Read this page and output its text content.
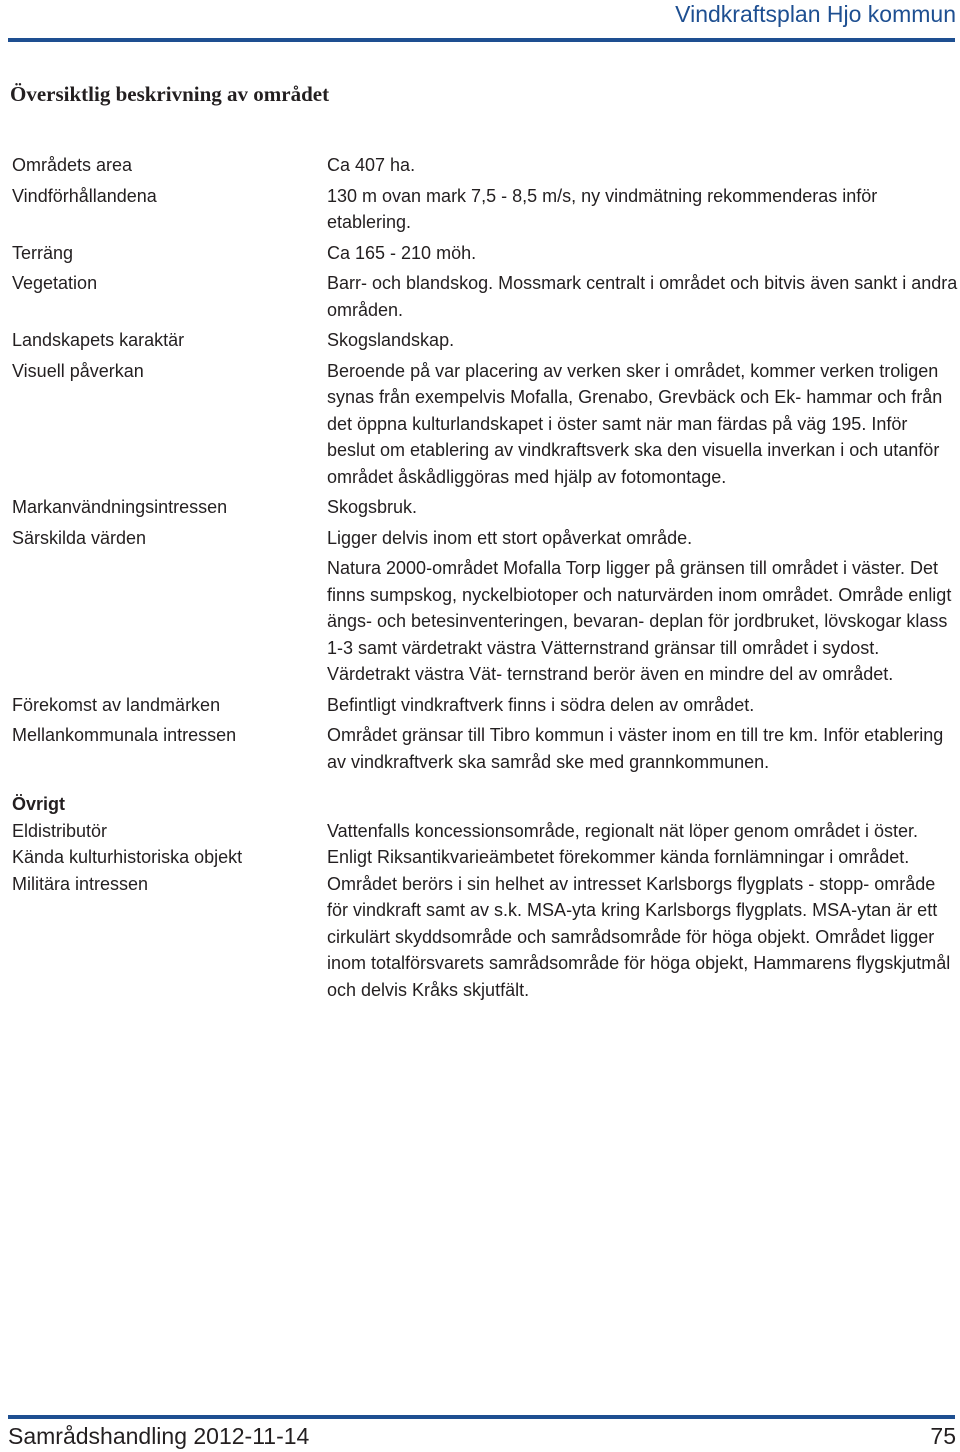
Vindkraftsplan Hjo kommun
Översiktlig beskrivning av området
Områdets area	Ca 407 ha.

Vindförhållandena	130 m ovan mark 7,5 - 8,5 m/s, ny vindmätning rekommenderas inför etablering.

Terräng	Ca 165 - 210 möh.

Vegetation	Barr- och blandskog. Mossmark centralt i området och bitvis även sankt i andra områden.

Landskapets karaktär	Skogslandskap.

Visuell påverkan	Beroende på var placering av verken sker i området, kommer verken troligen synas från exempelvis Mofalla, Grenabo, Grevbäck och Ek- hammar och från det öppna kulturlandskapet i öster samt när man färdas på väg 195. Inför beslut om etablering av vindkraftsverk ska den visuella inverkan i och utanför området åskådliggöras med hjälp av fotomontage.

Markanvändningsintressen	Skogsbruk.

Särskilda värden	Ligger delvis inom ett stort opåverkat område.

Natura 2000-området Mofalla Torp ligger på gränsen till området i väster. Det finns sumpskog, nyckelbiotoper och naturvärden inom området. Område enligt ängs- och betesinventeringen, bevaran- deplan för jordbruket, lövskogar klass 1-3 samt värdetrakt västra Vätternstrand gränsar till området i sydost. Värdetrakt västra Vät- ternstrand berör även en mindre del av området.

Förekomst av landmärken	Befintligt vindkraftverk finns i södra delen av området.

Mellankommunala intressen	Området gränsar till Tibro kommun i väster inom en till tre km. Inför etablering av vindkraftverk ska samråd ske med grannkommunen.

Övrigt
Eldistributör	Vattenfalls koncessionsområde, regionalt nät löper genom området i öster.

Kända kulturhistoriska objekt	Enligt Riksantikvarieämbetet förekommer kända fornlämningar i området.

Militära intressen	Området berörs i sin helhet av intresset Karlsborgs flygplats - stopp- område för vindkraft samt av s.k. MSA-yta kring Karlsborgs flygplats. MSA-ytan är ett cirkulärt skyddsområde och samrådsområde för höga objekt. Området ligger inom totalförsvarets samrådsområde för höga objekt, Hammarens flygskjutmål och delvis Kråks skjutfält.

Samrådshandling 2012-11-14	75
